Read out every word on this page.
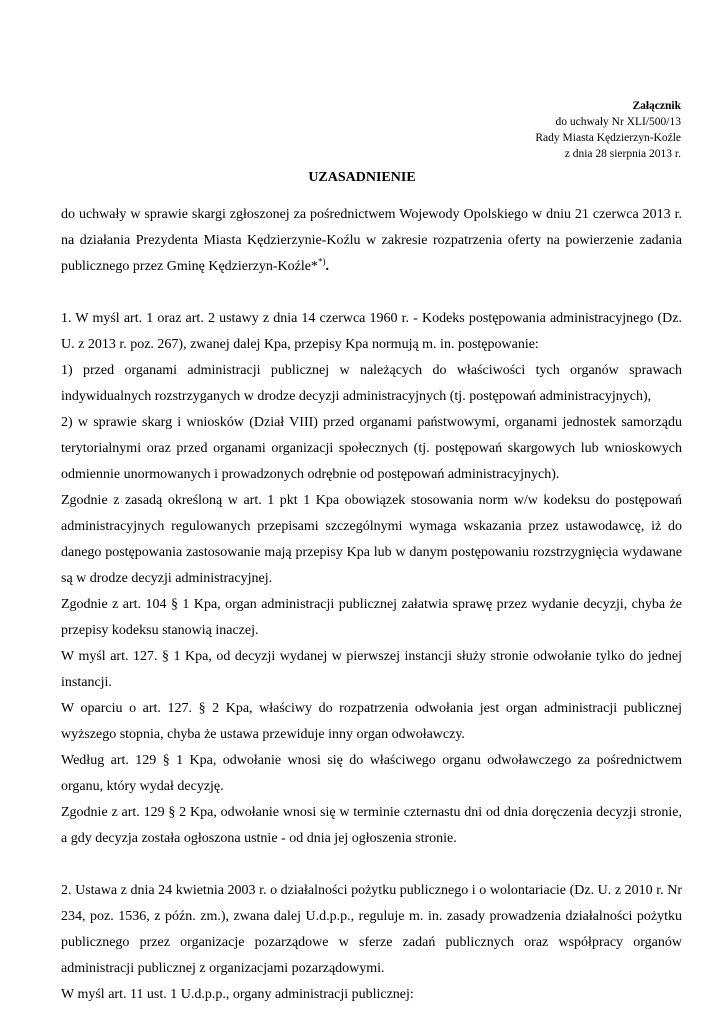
Załącznik
do uchwały Nr XLI/500/13
Rady Miasta Kędzierzyn-Koźle
z dnia 28 sierpnia 2013 r.
UZASADNIENIE

do uchwały w sprawie skargi zgłoszonej za pośrednictwem Wojewody Opolskiego w dniu 21 czerwca 2013 r. na działania Prezydenta Miasta Kędzierzynie-Koźlu w zakresie rozpatrzenia oferty na powierzenie zadania publicznego przez Gminę Kędzierzyn-Koźle**).

1. W myśl art. 1 oraz art. 2 ustawy z dnia 14 czerwca 1960 r. - Kodeks postępowania administracyjnego (Dz. U. z 2013 r. poz. 267), zwanej dalej Kpa, przepisy Kpa normują m. in. postępowanie:

1) przed organami administracji publicznej w należących do właściwości tych organów sprawach indywidualnych rozstrzyganych w drodze decyzji administracyjnych (tj. postępowań administracyjnych),

2) w sprawie skarg i wniosków (Dział VIII) przed organami państwowymi, organami jednostek samorządu terytorialnymi oraz przed organami organizacji społecznych (tj. postępowań skargowych lub wnioskowych odmiennie unormowanych i prowadzonych odrębnie od postępowań administracyjnych).

Zgodnie z zasadą określoną w art. 1 pkt 1 Kpa obowiązek stosowania norm w/w kodeksu do postępowań administracyjnych regulowanych przepisami szczególnymi wymaga wskazania przez ustawodawcę, iż do danego postępowania zastosowanie mają przepisy Kpa lub w danym postępowaniu rozstrzygnięcia wydawane są w drodze decyzji administracyjnej.

Zgodnie z art. 104 § 1 Kpa, organ administracji publicznej załatwia sprawę przez wydanie decyzji, chyba że przepisy kodeksu stanowią inaczej.

W myśl art. 127. § 1 Kpa, od decyzji wydanej w pierwszej instancji służy stronie odwołanie tylko do jednej instancji.

W oparciu o art. 127. § 2 Kpa, właściwy do rozpatrzenia odwołania jest organ administracji publicznej wyższego stopnia, chyba że ustawa przewiduje inny organ odwoławczy.

Według art. 129 § 1 Kpa, odwołanie wnosi się do właściwego organu odwoławczego za pośrednictwem organu, który wydał decyzję.

Zgodnie z art. 129 § 2 Kpa, odwołanie wnosi się w terminie czternastu dni od dnia doręczenia decyzji stronie, a gdy decyzja została ogłoszona ustnie - od dnia jej ogłoszenia stronie.

2. Ustawa z dnia 24 kwietnia 2003 r. o działalności pożytku publicznego i o wolontariacie (Dz. U. z 2010 r. Nr 234, poz. 1536, z późn. zm.), zwana dalej U.d.p.p., reguluje m. in. zasady prowadzenia działalności pożytku publicznego przez organizacje pozarządowe w sferze zadań publicznych oraz współpracy organów administracji publicznej z organizacjami pozarządowymi.

W myśl art. 11 ust. 1 U.d.p.p., organy administracji publicznej:
